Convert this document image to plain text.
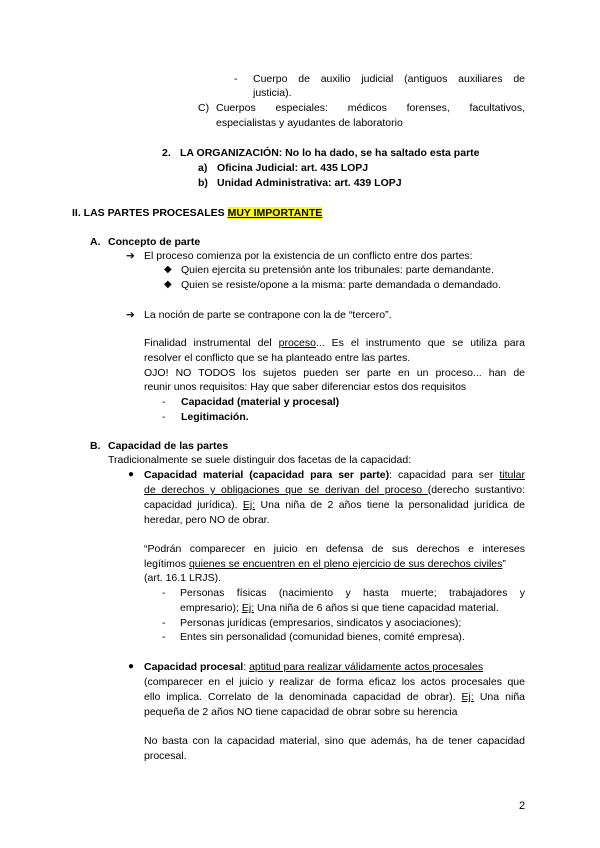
- Cuerpo de auxilio judicial (antiguos auxiliares de
justicia).
C) Cuerpos especiales: médicos forenses, facultativos,
especialistas y ayudantes de laboratorio
2. LA ORGANIZACIÓN: No lo ha dado, se ha saltado esta parte
a) Oficina Judicial: art. 435 LOPJ
b) Unidad Administrativa: art. 439 LOPJ
II. LAS PARTES PROCESALES MUY IMPORTANTE
A. Concepto de parte
➔ El proceso comienza por la existencia de un conflicto entre dos partes:
◆ Quien ejercita su pretensión ante los tribunales: parte demandante.
◆ Quien se resiste/opone a la misma: parte demandada o demandado.
➔ La noción de parte se contrapone con la de “tercero”.
Finalidad instrumental del proceso... Es el instrumento que se utiliza para
resolver el conflicto que se ha planteado entre las partes.
OJO! NO TODOS los sujetos pueden ser parte en un proceso... han de
reunir unos requisitos: Hay que saber diferenciar estos dos requisitos
- Capacidad (material y procesal)
- Legitimación.
B. Capacidad de las partes
Tradicionalmente se suele distinguir dos facetas de la capacidad:
● Capacidad material (capacidad para ser parte): capacidad para ser titular
de derechos y obligaciones que se derivan del proceso (derecho sustantivo:
capacidad jurídica). Ej: Una niña de 2 años tiene la personalidad jurídica de
heredar, pero NO de obrar.
“Podrán comparecer en juicio en defensa de sus derechos e intereses
legítimos quienes se encuentren en el pleno ejercicio de sus derechos civiles”
(art. 16.1 LRJS).
- Personas físicas (nacimiento y hasta muerte; trabajadores y
empresario); Ej: Una niña de 6 años si que tiene capacidad material.
- Personas jurídicas (empresarios, sindicatos y asociaciones);
- Entes sin personalidad (comunidad bienes, comité empresa).
● Capacidad procesal: aptitud para realizar válidamente actos procesales
(comparecer en el juicio y realizar de forma eficaz los actos procesales que
ello implica. Correlato de la denominada capacidad de obrar). Ej: Una niña
pequeña de 2 años NO tiene capacidad de obrar sobre su herencia
No basta con la capacidad material, sino que además, ha de tener capacidad
procesal.
2
